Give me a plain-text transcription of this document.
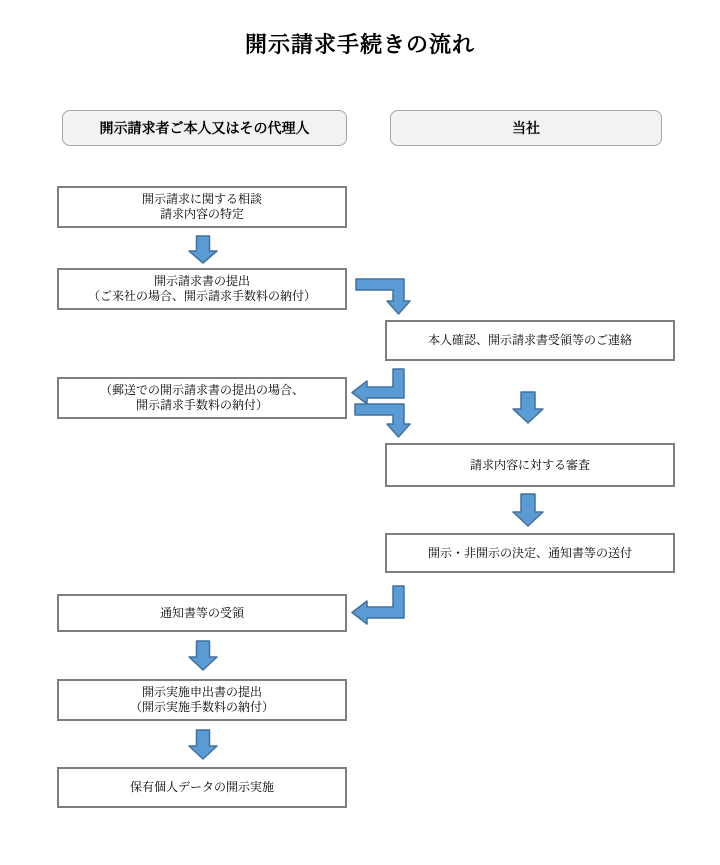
開示請求手続きの流れ
開示請求者ご本人又はその代理人	当社
開示請求に関する相談
請求内容の特定
開示請求書の提出
（ご来社の場合、開示請求手数料の納付）
本人確認、開示請求書受領等のご連絡
（郵送での開示請求書の提出の場合、
開示請求手数料の納付）
請求内容に対する審査
開示・非開示の決定、通知書等の送付
通知書等の受領
開示実施申出書の提出
（開示実施手数料の納付）
保有個人データの開示実施
